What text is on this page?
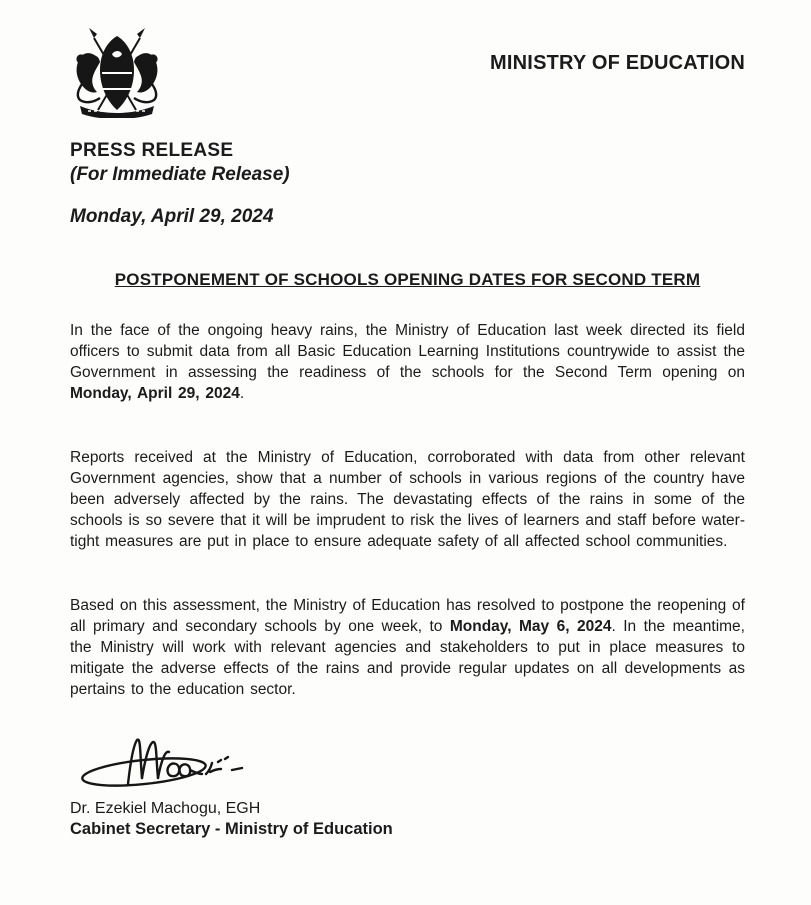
MINISTRY OF EDUCATION
PRESS RELEASE
(For Immediate Release)
Monday, April 29, 2024
POSTPONEMENT OF SCHOOLS OPENING DATES FOR SECOND TERM

In the face of the ongoing heavy rains, the Ministry of Education last week directed its field officers to submit data from all Basic Education Learning Institutions countrywide to assist the Government in assessing the readiness of the schools for the Second Term opening on Monday, April 29, 2024.

Reports received at the Ministry of Education, corroborated with data from other relevant Government agencies, show that a number of schools in various regions of the country have been adversely affected by the rains. The devastating effects of the rains in some of the schools is so severe that it will be imprudent to risk the lives of learners and staff before water-tight measures are put in place to ensure adequate safety of all affected school communities.

Based on this assessment, the Ministry of Education has resolved to postpone the reopening of all primary and secondary schools by one week, to Monday, May 6, 2024. In the meantime, the Ministry will work with relevant agencies and stakeholders to put in place measures to mitigate the adverse effects of the rains and provide regular updates on all developments as pertains to the education sector.

Dr. Ezekiel Machogu, EGH
Cabinet Secretary - Ministry of Education
